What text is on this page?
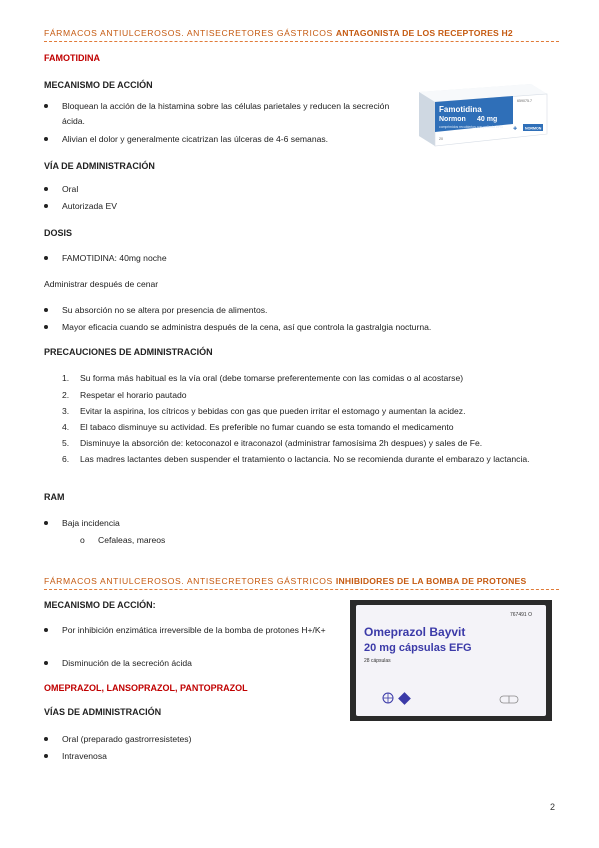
FÁRMACOS ANTIULCEROSOS. ANTISECRETORES GÁSTRICOS ANTAGONISTA DE LOS RECEPTORES H2
FAMOTIDINA
MECANISMO DE ACCIÓN
Bloquean la acción de la histamina sobre las células parietales y reducen la secreción ácida.
Alivian el dolor y generalmente cicatrizan las úlceras de 4-6 semanas.
VÍA DE ADMINISTRACIÓN
Oral
Autorizada EV
DOSIS
FAMOTIDINA: 40mg noche
Administrar después de cenar
Su absorción no se altera por presencia de alimentos.
Mayor eficacia cuando se administra después de la cena, así que controla la gastralgia nocturna.
PRECAUCIONES DE ADMINISTRACIÓN
1.	Su forma más habitual es la vía oral (debe tomarse preferentemente con las comidas o al acostarse)
2.	Respetar el horario pautado
3.	Evitar la aspirina, los cítricos y bebidas con gas que pueden irritar el estomago y aumentan la acidez.
4.	El tabaco disminuye su actividad. Es preferible no fumar cuando se esta tomando el medicamento
5.	Disminuye la absorción de: ketoconazol e itraconazol (administrar famosísima 2h despues) y sales de Fe.
6.	Las madres lactantes deben suspender el tratamiento o lactancia. No se recomienda durante el embarazo y lactancia.
RAM
Baja incidencia
o Cefaleas, mareos
Famotidina
Normon 40 mg
comprimidos recubiertos con película EFG
659075.7
20
NORMON
✚
FÁRMACOS ANTIULCEROSOS. ANTISECRETORES GÁSTRICOS INHIBIDORES DE LA BOMBA DE PROTONES
MECANISMO DE ACCIÓN:
Por inhibición enzimática irreversible de la bomba de protones H+/K+
Disminución de la secreción ácida
OMEPRAZOL, LANSOPRAZOL, PANTOPRAZOL
VÍAS DE ADMINISTRACIÓN
Oral (preparado gastrorresistetes)
Intravenosa
767491 O
Omeprazol Bayvit
20 mg cápsulas EFG
28 cápsulas
2
